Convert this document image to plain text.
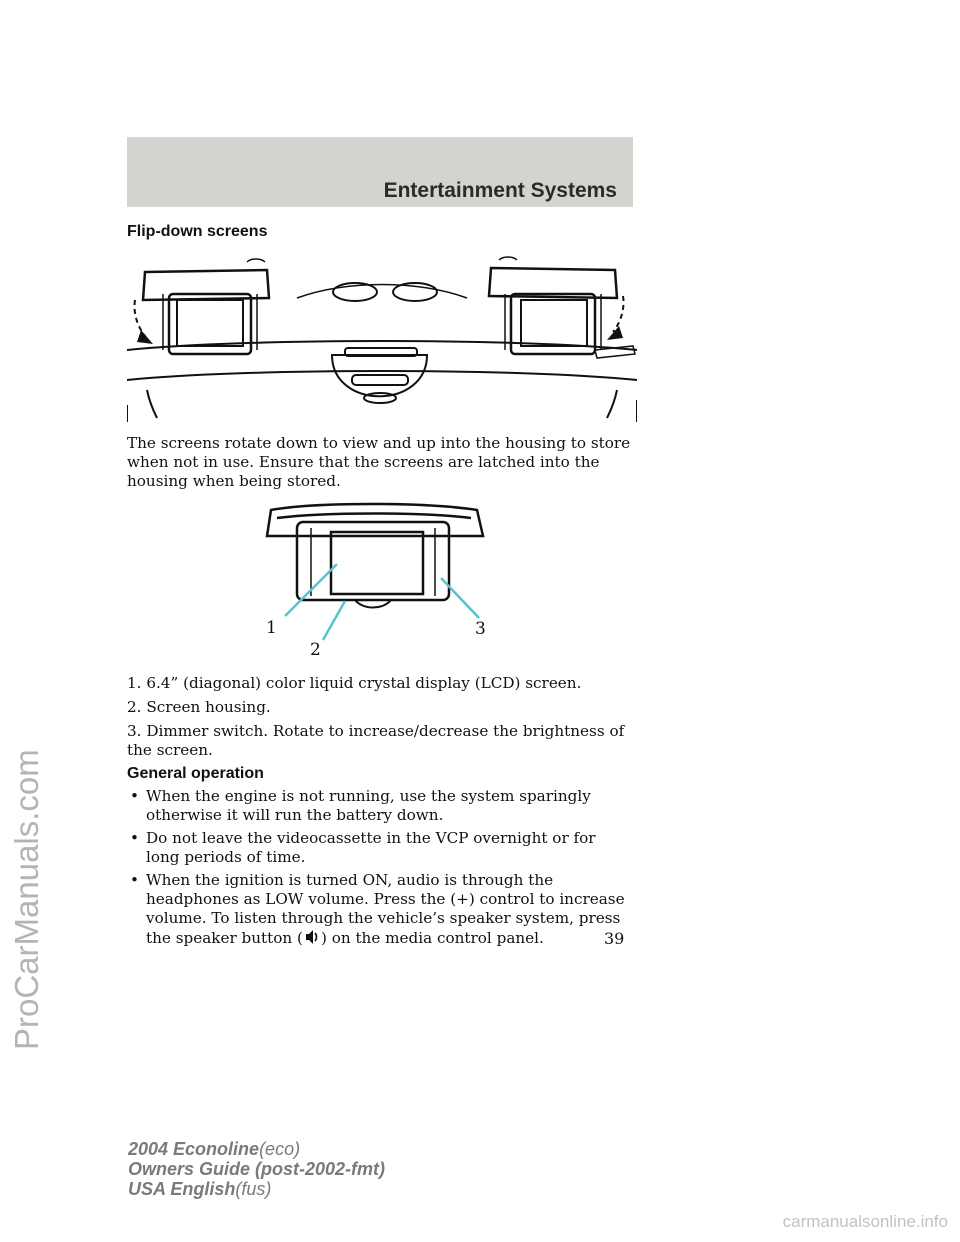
Entertainment Systems
ProCarManuals.com
Flip-down screens
The screens rotate down to view and up into the housing to store when not in use. Ensure that the screens are latched into the housing when being stored.
1
2
3
1. 6.4” (diagonal) color liquid crystal display (LCD) screen.
2. Screen housing.
3. Dimmer switch. Rotate to increase/decrease the brightness of the screen.
General operation
• When the engine is not running, use the system sparingly otherwise it will run the battery down.
• Do not leave the videocassette in the VCP overnight or for long periods of time.
• When the ignition is turned ON, audio is through the headphones as LOW volume. Press the (+) control to increase volume. To listen through the vehicle’s speaker system, press the speaker button ( ) on the media control panel.	39
2004 Econoline(eco)
Owners Guide (post-2002-fmt)
USA English(fus)
carmanualsonline.info
